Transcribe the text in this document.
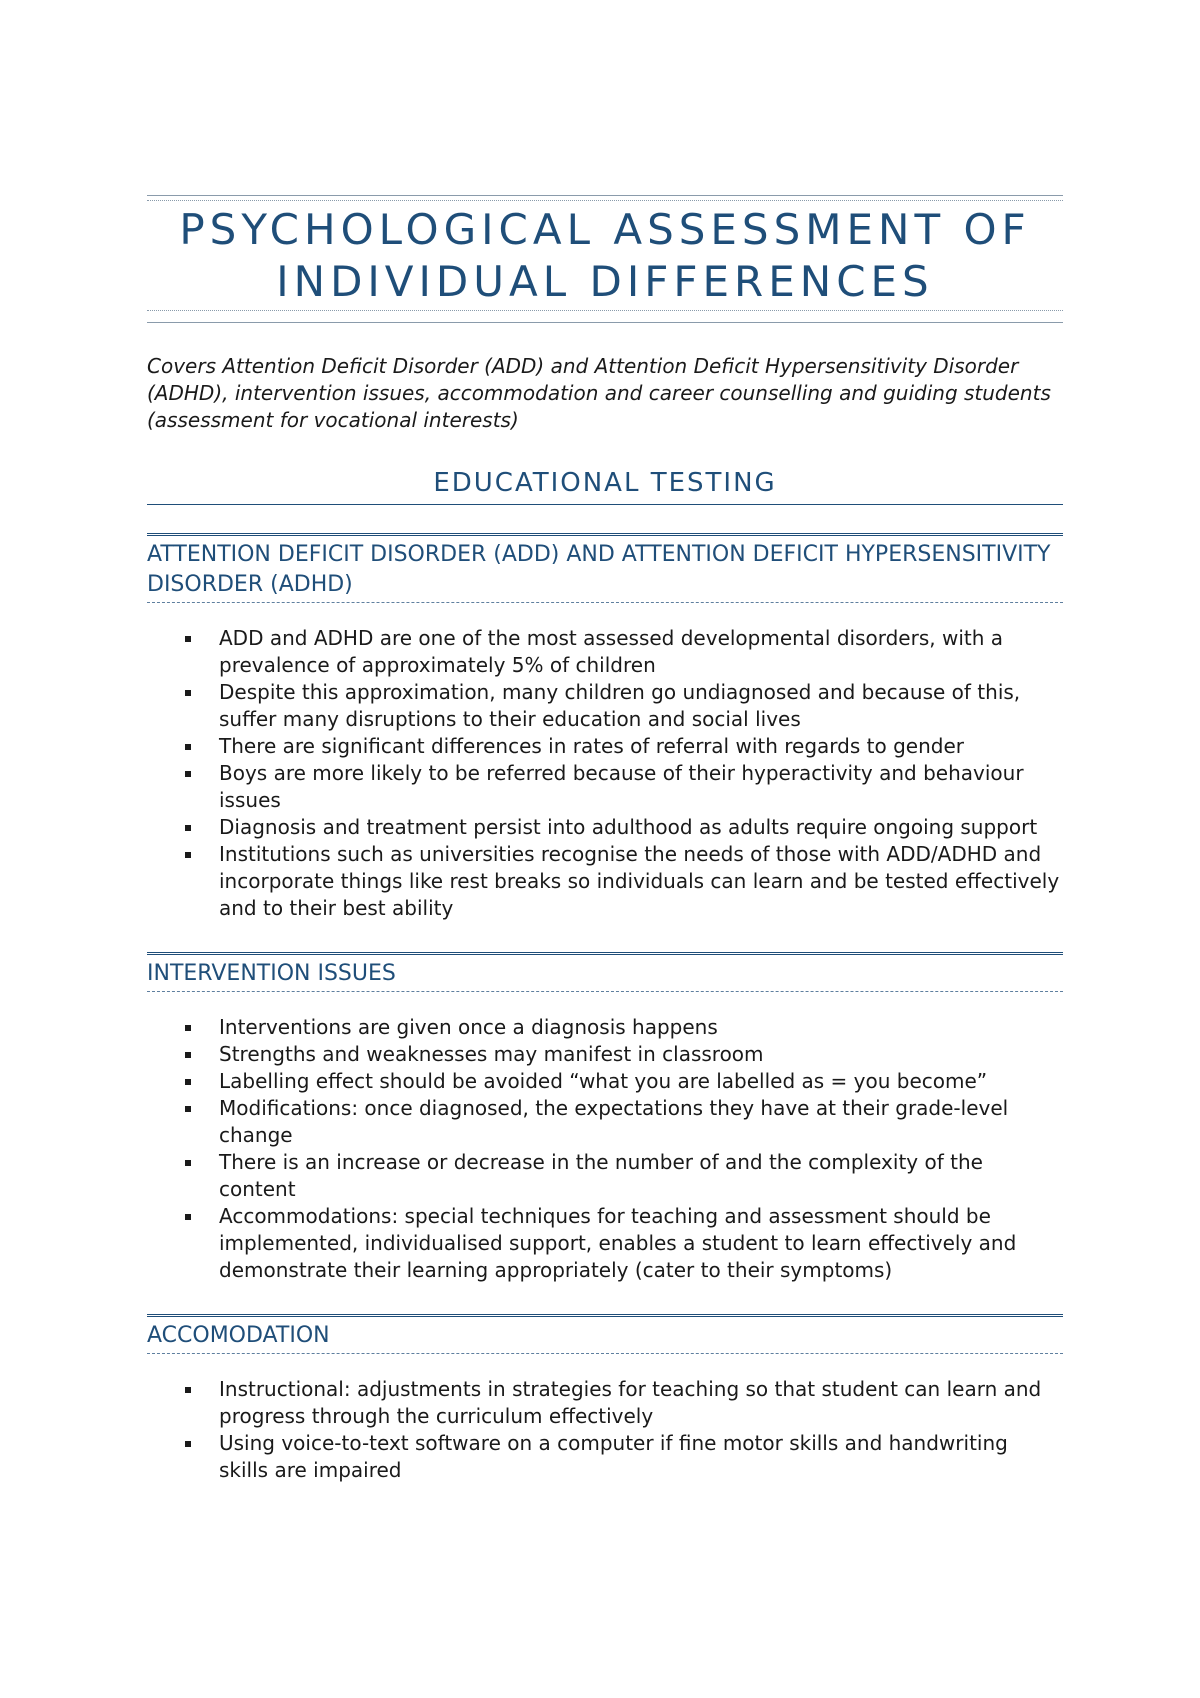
PSYCHOLOGICAL ASSESSMENT OF
INDIVIDUAL DIFFERENCES

Covers Attention Deficit Disorder (ADD) and Attention Deficit Hypersensitivity Disorder (ADHD), intervention issues, accommodation and career counselling and guiding students (assessment for vocational interests)

EDUCATIONAL TESTING
ATTENTION DEFICIT DISORDER (ADD) AND ATTENTION DEFICIT HYPERSENSITIVITY DISORDER (ADHD)
ADD and ADHD are one of the most assessed developmental disorders, with a prevalence of approximately 5% of children
Despite this approximation, many children go undiagnosed and because of this, suffer many disruptions to their education and social lives
There are significant differences in rates of referral with regards to gender
Boys are more likely to be referred because of their hyperactivity and behaviour issues
Diagnosis and treatment persist into adulthood as adults require ongoing support
Institutions such as universities recognise the needs of those with ADD/ADHD and incorporate things like rest breaks so individuals can learn and be tested effectively and to their best ability
INTERVENTION ISSUES
Interventions are given once a diagnosis happens
Strengths and weaknesses may manifest in classroom
Labelling effect should be avoided “what you are labelled as = you become”
Modifications: once diagnosed, the expectations they have at their grade-level change
There is an increase or decrease in the number of and the complexity of the content
Accommodations: special techniques for teaching and assessment should be implemented, individualised support, enables a student to learn effectively and demonstrate their learning appropriately (cater to their symptoms)
ACCOMODATION
Instructional: adjustments in strategies for teaching so that student can learn and progress through the curriculum effectively
Using voice-to-text software on a computer if fine motor skills and handwriting skills are impaired
